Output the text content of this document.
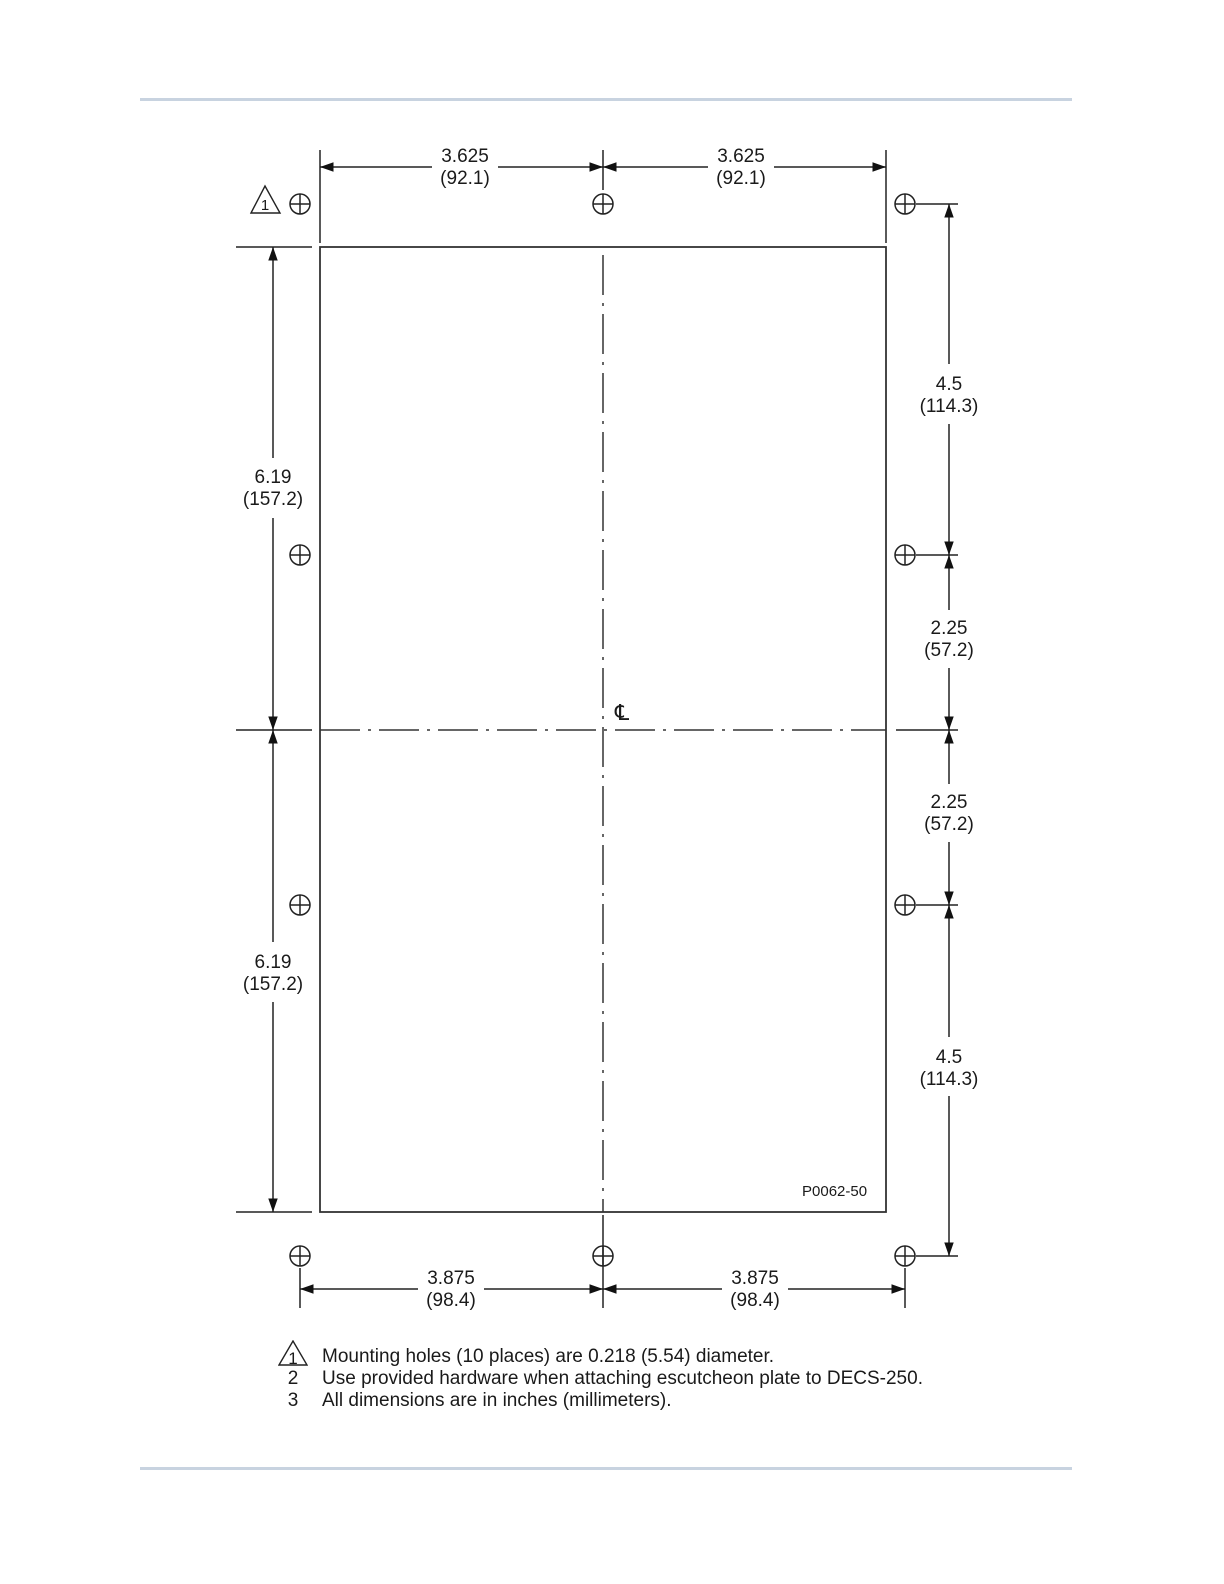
℄
P0062-50
3.625
(92.1)
3.625
(92.1)
3.875
(98.4)
3.875
(98.4)
6.19
(157.2)
6.19
(157.2)
4.5
(114.3)
2.25
(57.2)
2.25
(57.2)
4.5
(114.3)
1
1	Mounting holes (10 places) are 0.218 (5.54) diameter.
2	Use provided hardware when attaching escutcheon plate to DECS-250.
3	All dimensions are in inches (millimeters).
